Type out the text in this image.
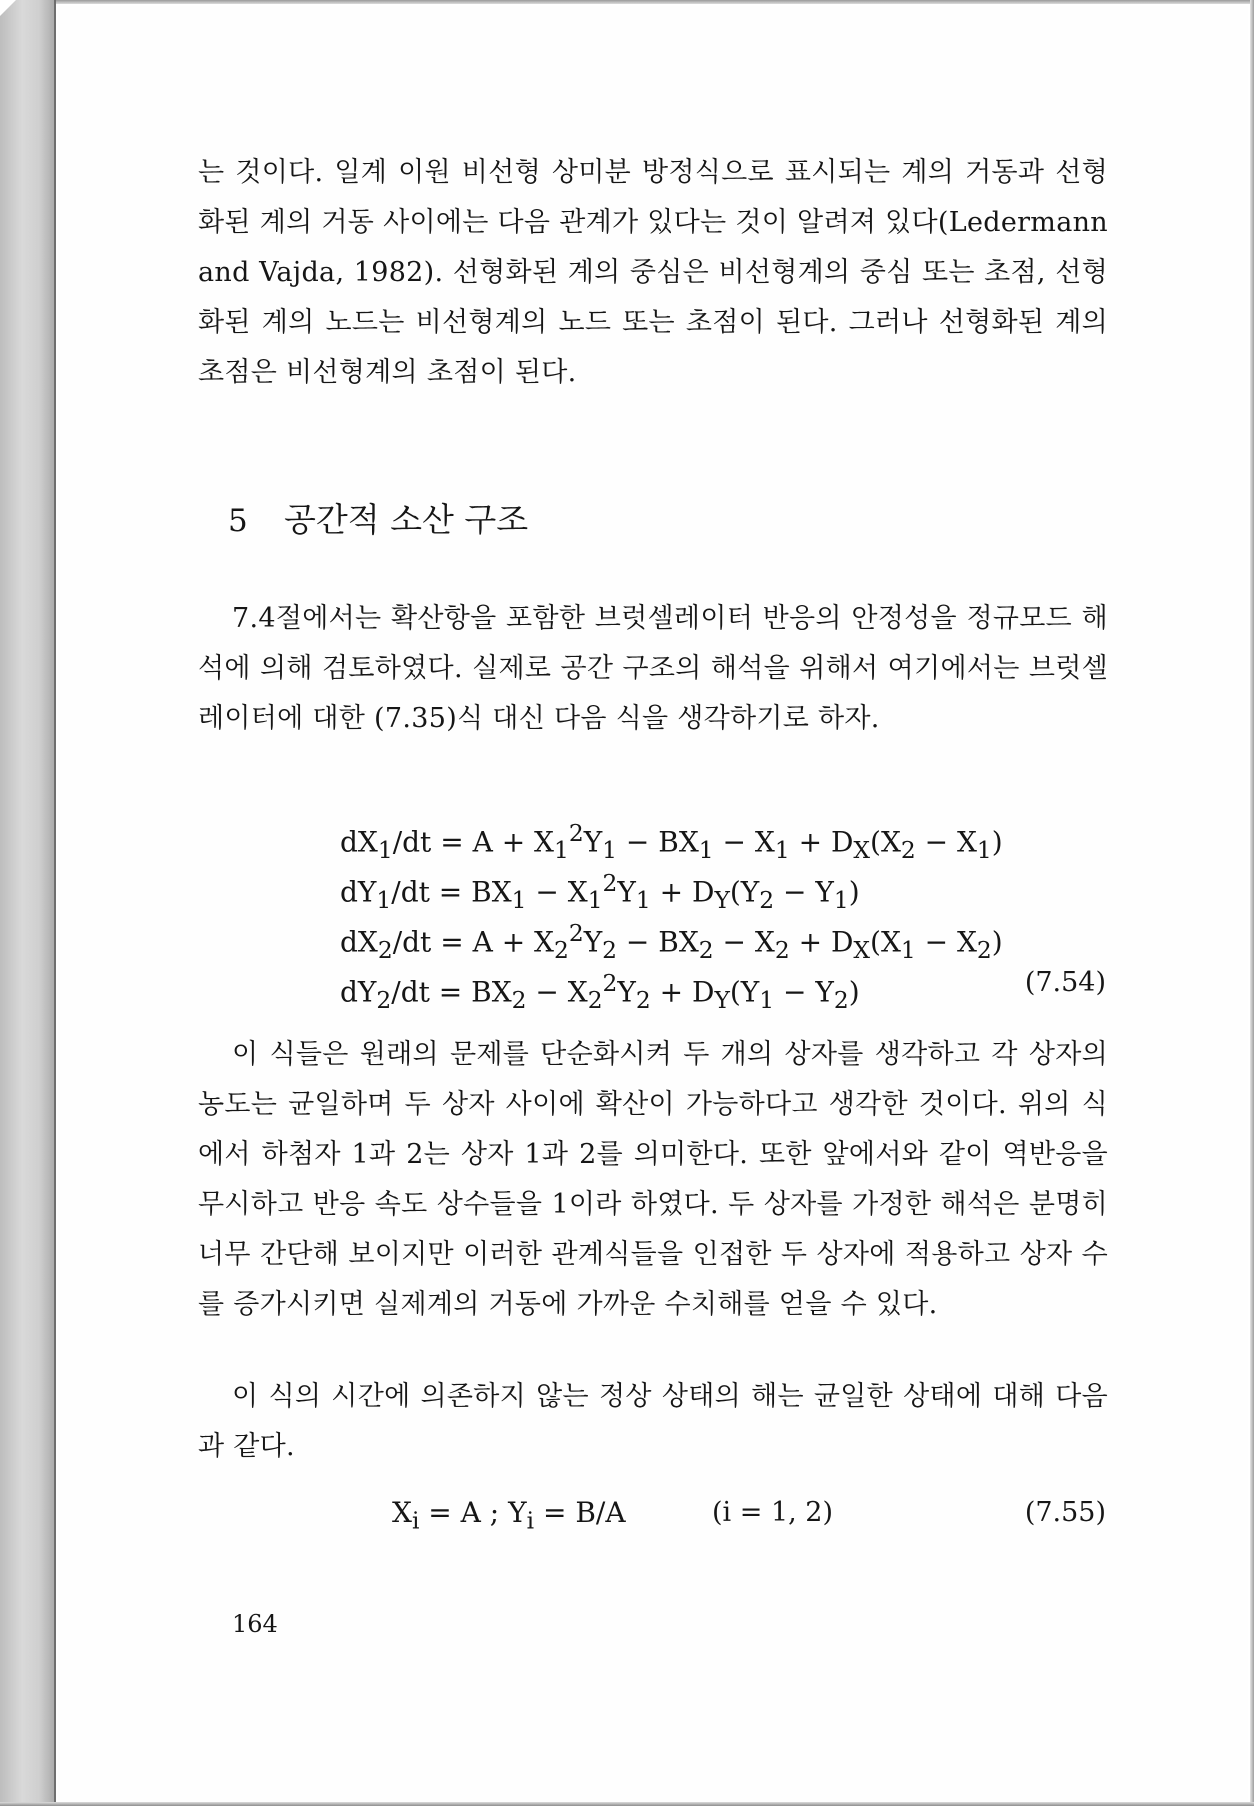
는 것이다. 일계 이원 비선형 상미분 방정식으로 표시되는 계의 거동과 선형화된 계의 거동 사이에는 다음 관계가 있다는 것이 알려져 있다(Ledermann and Vajda, 1982). 선형화된 계의 중심은 비선형계의 중심 또는 초점, 선형화된 계의 노드는 비선형계의 노드 또는 초점이 된다. 그러나 선형화된 계의 초점은 비선형계의 초점이 된다.

5 공간적 소산 구조

7.4절에서는 확산항을 포함한 브럿셀레이터 반응의 안정성을 정규모드 해석에 의해 검토하였다. 실제로 공간 구조의 해석을 위해서 여기에서는 브럿셀레이터에 대한 (7.35)식 대신 다음 식을 생각하기로 하자.

$dX_1/dt = A + X_1^2Y_1 - BX_1 - X_1 + D_X(X_2 - X_1)$
$dY_1/dt = BX_1 - X_1^2Y_1 + D_Y(Y_2 - Y_1)$
$dX_2/dt = A + X_2^2Y_2 - BX_2 - X_2 + D_X(X_1 - X_2)$
$dY_2/dt = BX_2 - X_2^2Y_2 + D_Y(Y_1 - Y_2)$	(7.54)

이 식들은 원래의 문제를 단순화시켜 두 개의 상자를 생각하고 각 상자의 농도는 균일하며 두 상자 사이에 확산이 가능하다고 생각한 것이다. 위의 식에서 하첨자 1과 2는 상자 1과 2를 의미한다. 또한 앞에서와 같이 역반응을 무시하고 반응 속도 상수들을 1이라 하였다. 두 상자를 가정한 해석은 분명히 너무 간단해 보이지만 이러한 관계식들을 인접한 두 상자에 적용하고 상자 수를 증가시키면 실제계의 거동에 가까운 수치해를 얻을 수 있다.

이 식의 시간에 의존하지 않는 정상 상태의 해는 균일한 상태에 대해 다음과 같다.

$X_i = A$ ; $Y_i = B/A$	(i = 1, 2)	(7.55)
164
